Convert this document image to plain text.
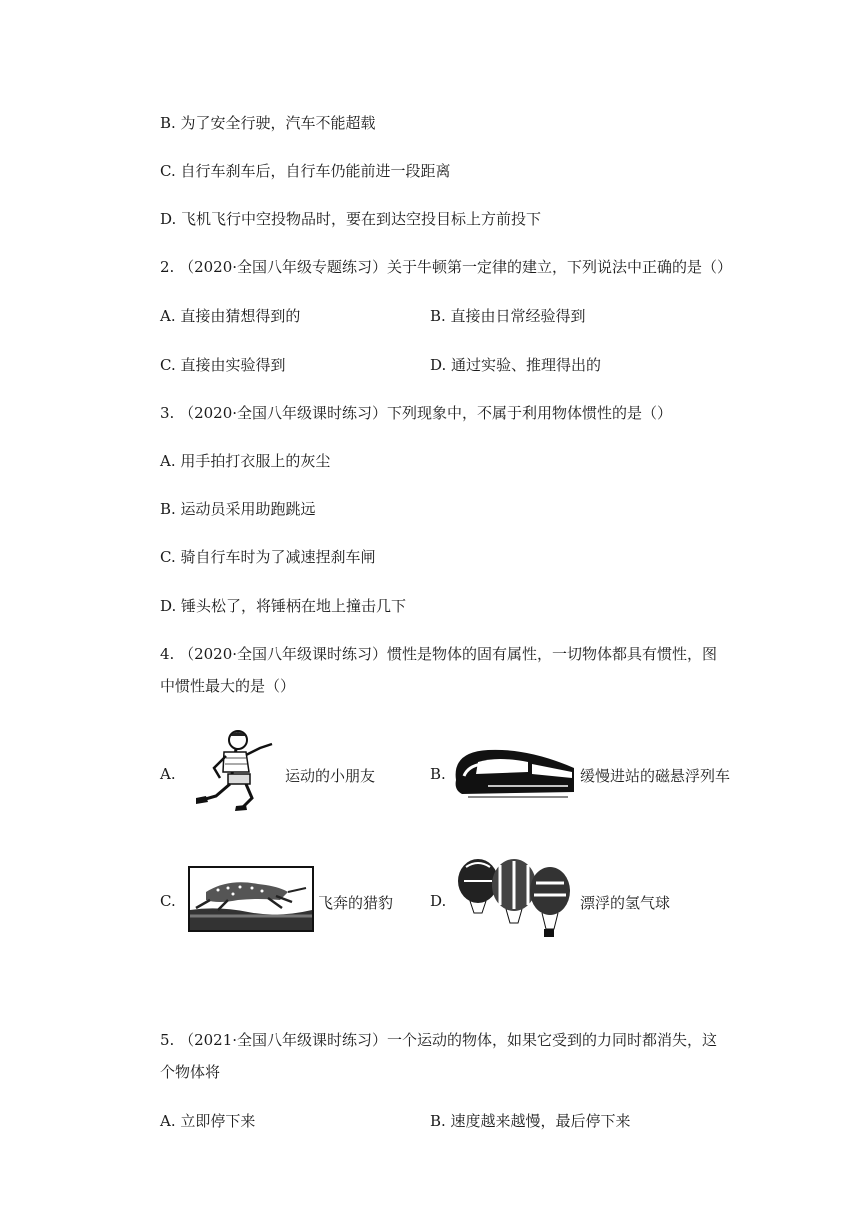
B. 为了安全行驶，汽车不能超载
C. 自行车刹车后，自行车仍能前进一段距离
D. 飞机飞行中空投物品时，要在到达空投目标上方前投下
2. （2020·全国八年级专题练习）关于牛顿第一定律的建立，下列说法中正确的是（）
A. 直接由猜想得到的	B. 直接由日常经验得到
C. 直接由实验得到	D. 通过实验、推理得出的
3. （2020·全国八年级课时练习）下列现象中，不属于利用物体惯性的是（）
A. 用手拍打衣服上的灰尘
B. 运动员采用助跑跳远
C. 骑自行车时为了减速捏刹车闸
D. 锤头松了，将锤柄在地上撞击几下
4. （2020·全国八年级课时练习）惯性是物体的固有属性，一切物体都具有惯性，图
中惯性最大的是（）
A.	运动的小朋友	B.	缓慢进站的磁悬浮列车
C.	飞奔的猎豹 D.	漂浮的氢气球
5. （2021·全国八年级课时练习）一个运动的物体，如果它受到的力同时都消失，这
个物体将
A. 立即停下来	B. 速度越来越慢，最后停下来
